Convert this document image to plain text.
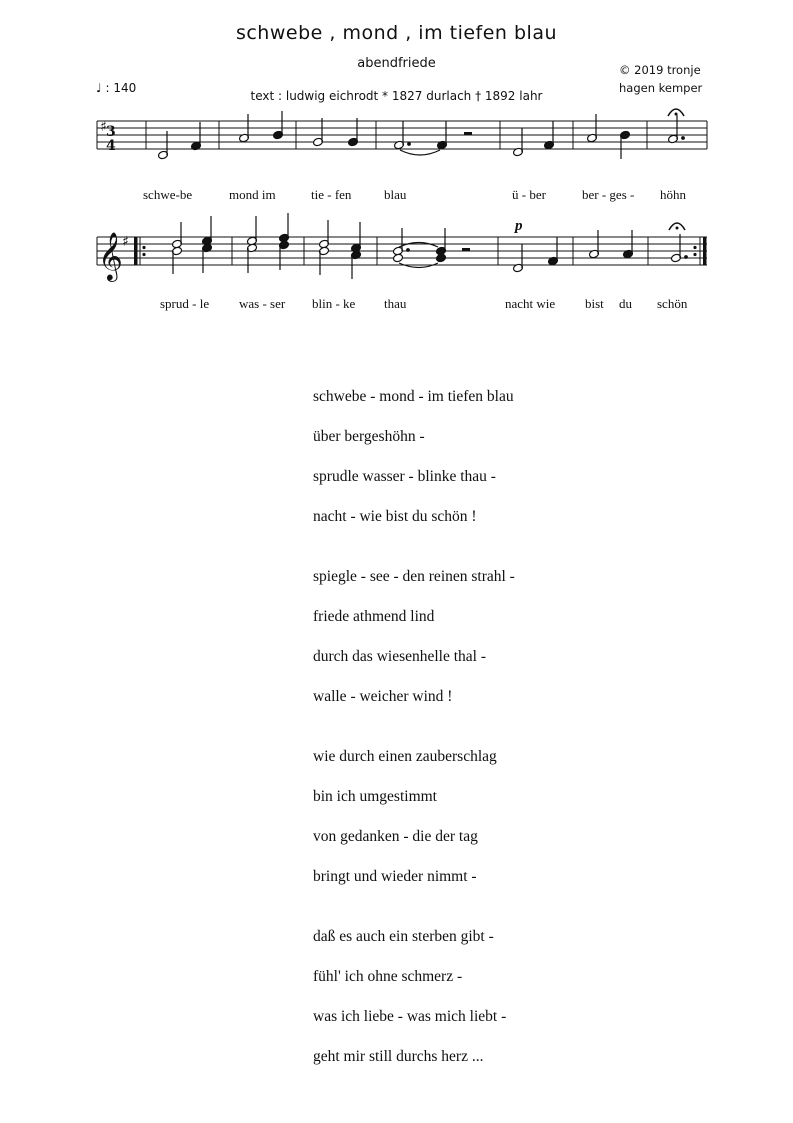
schwebe , mond , im tiefen blau
abendfriede	© 2019 tronje
hagen kemper
♩ : 140
text : ludwig eichrodt * 1827 durlach † 1892 lahr
♯ 3
4
schwe-be	mond im	tie - fen	blau	ü - ber	ber - ges - höhn
𝄞 ♯
p
sprud - le was - ser blin - ke thau	nacht wie bist du schön
schwebe - mond - im tiefen blau
über bergeshöhn -
sprudle wasser - blinke thau -
nacht - wie bist du schön !
spiegle - see - den reinen strahl -
friede athmend lind
durch das wiesenhelle thal -
walle - weicher wind !
wie durch einen zauberschlag
bin ich umgestimmt
von gedanken - die der tag
bringt und wieder nimmt -
daß es auch ein sterben gibt -
fühl' ich ohne schmerz -
was ich liebe - was mich liebt -
geht mir still durchs herz ...
